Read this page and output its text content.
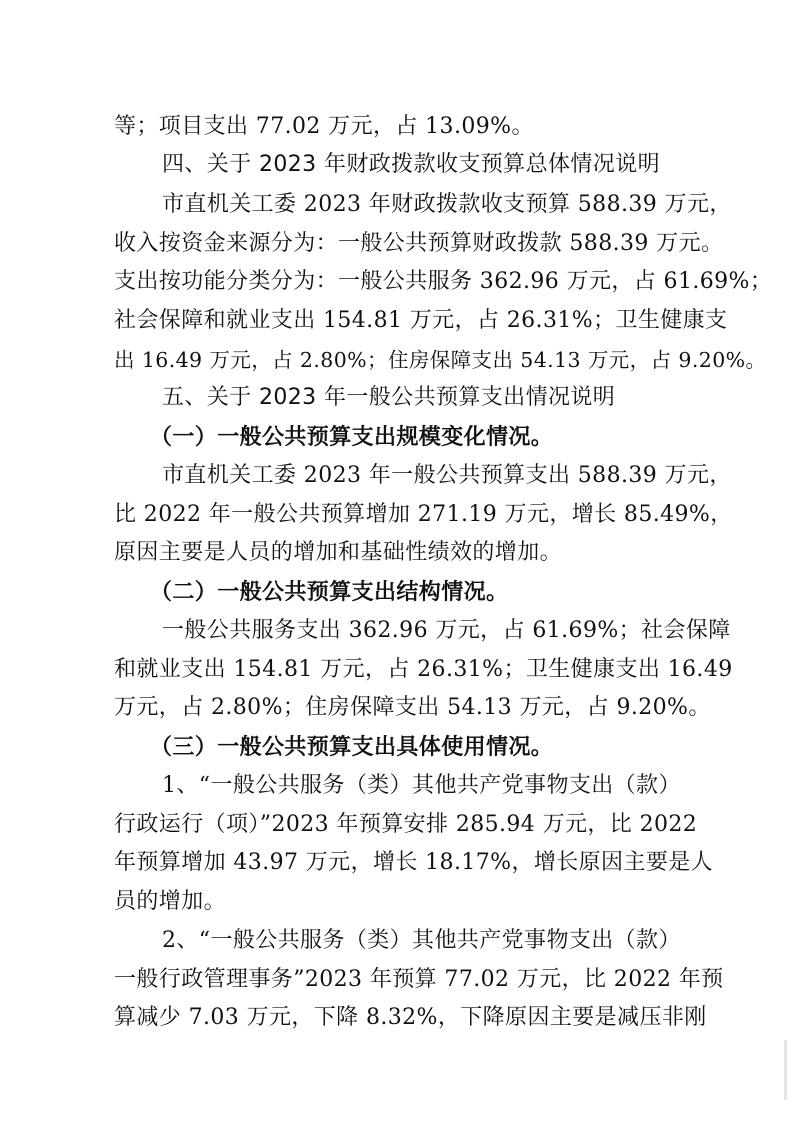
等；项目支出 77.02 万元，占 13.09%。
四、关于 2023 年财政拨款收支预算总体情况说明
市直机关工委 2023 年财政拨款收支预算 588.39 万元，
收入按资金来源分为：一般公共预算财政拨款 588.39 万元。
支出按功能分类分为：一般公共服务 362.96 万元，占 61.69%；
社会保障和就业支出 154.81 万元，占 26.31%；卫生健康支
出 16.49 万元，占 2.80%；住房保障支出 54.13 万元，占 9.20%。
五、关于 2023 年一般公共预算支出情况说明
（一）一般公共预算支出规模变化情况。
市直机关工委 2023 年一般公共预算支出 588.39 万元，
比 2022 年一般公共预算增加 271.19 万元，增长 85.49%，
原因主要是人员的增加和基础性绩效的增加。
（二）一般公共预算支出结构情况。
一般公共服务支出 362.96 万元，占 61.69%；社会保障
和就业支出 154.81 万元，占 26.31%；卫生健康支出 16.49
万元，占 2.80%；住房保障支出 54.13 万元，占 9.20%。
（三）一般公共预算支出具体使用情况。
1、“一般公共服务（类）其他共产党事物支出（款）
行政运行（项）”2023 年预算安排 285.94 万元，比 2022
年预算增加 43.97 万元，增长 18.17%，增长原因主要是人
员的增加。
2、“一般公共服务（类）其他共产党事物支出（款）
一般行政管理事务”2023 年预算 77.02 万元，比 2022 年预
算减少 7.03 万元，下降 8.32%，下降原因主要是减压非刚
